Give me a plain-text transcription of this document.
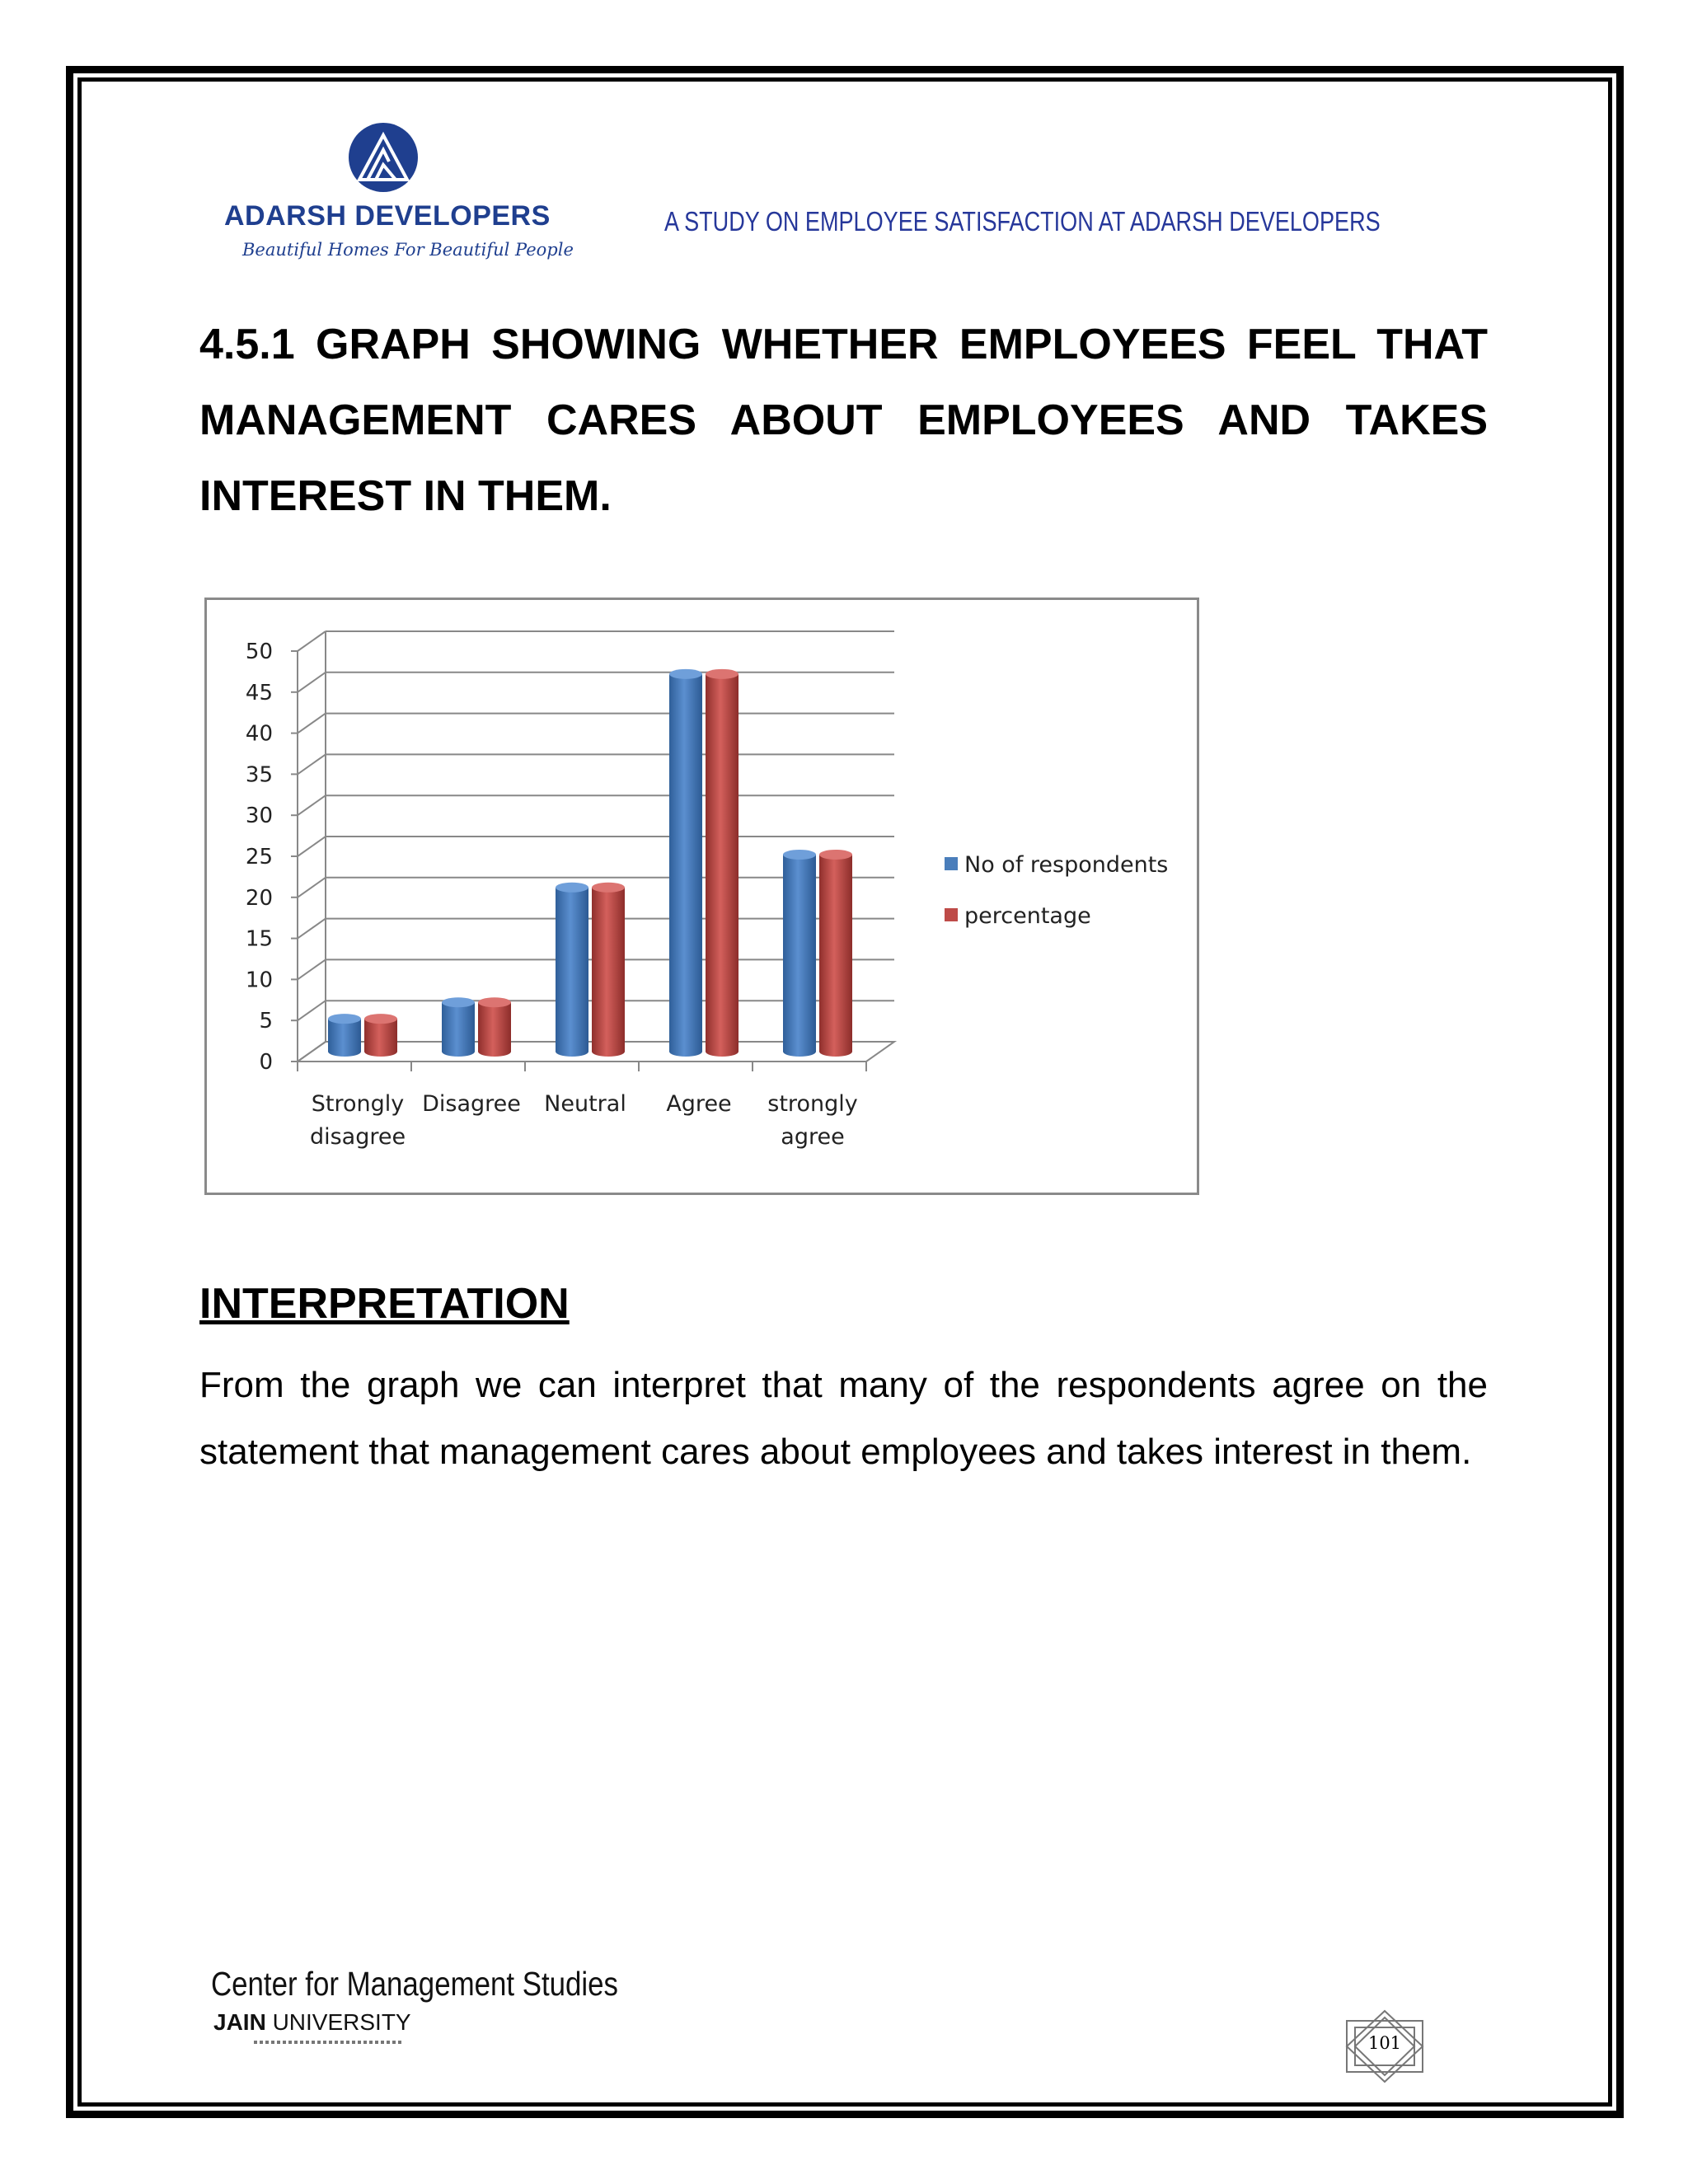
ADARSH DEVELOPERS
Beautiful Homes For Beautiful People
A STUDY ON EMPLOYEE SATISFACTION AT ADARSH DEVELOPERS

4.5.1 GRAPH SHOWING WHETHER EMPLOYEES FEEL THAT MANAGEMENT CARES ABOUT EMPLOYEES AND TAKES INTEREST IN THEM.

0
5
10
15
20
25
30
35
40
45
50
Strongly disagree
Disagree Neutral Agree strongly agree
No of respondents
percentage
INTERPRETATION

From the graph we can interpret that many of the respondents agree on the statement that management cares about employees and takes interest in them.

Center for Management Studies
JAIN UNIVERSITY
101
